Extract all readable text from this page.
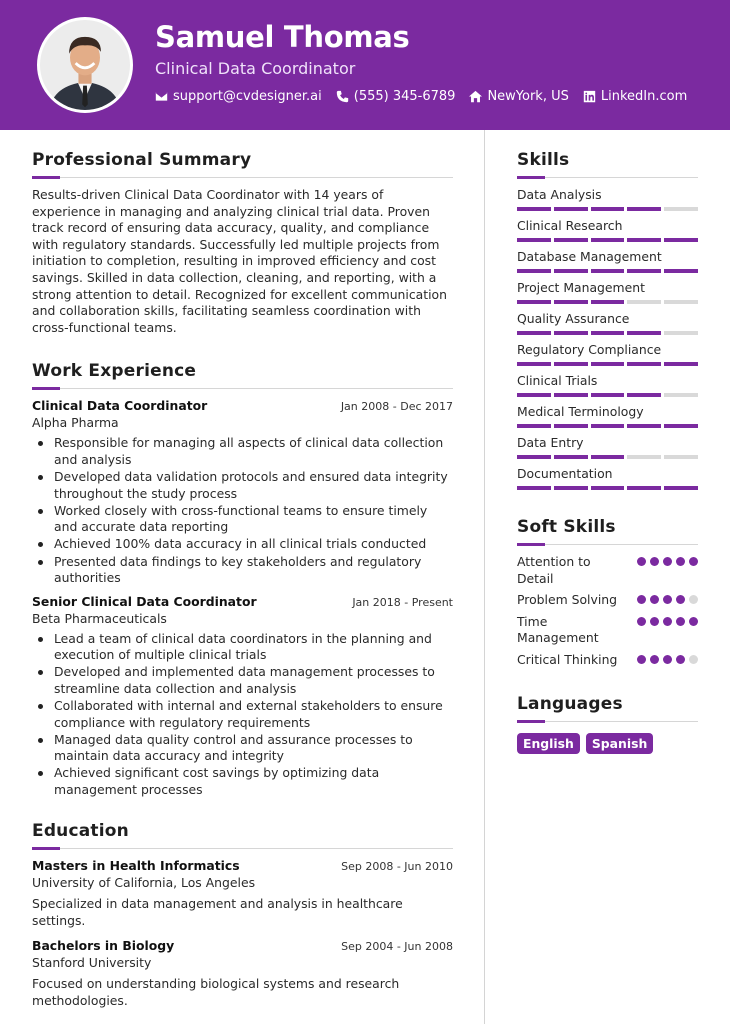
Samuel Thomas
Clinical Data Coordinator
support@cvdesigner.ai (555) 345-6789 NewYork, US LinkedIn.com
Professional Summary

Results-driven Clinical Data Coordinator with 14 years of experience in managing and analyzing clinical trial data. Proven track record of ensuring data accuracy, quality, and compliance with regulatory standards. Successfully led multiple projects from initiation to completion, resulting in improved efficiency and cost savings. Skilled in data collection, cleaning, and reporting, with a strong attention to detail. Recognized for excellent communication and collaboration skills, facilitating seamless coordination with cross-functional teams.

Work Experience
Clinical Data Coordinator	Jan 2008 - Dec 2017
Alpha Pharma
Responsible for managing all aspects of clinical data collection and analysis
Developed data validation protocols and ensured data integrity throughout the study process
Worked closely with cross-functional teams to ensure timely and accurate data reporting
Achieved 100% data accuracy in all clinical trials conducted
Presented data findings to key stakeholders and regulatory authorities
Senior Clinical Data Coordinator	Jan 2018 - Present
Beta Pharmaceuticals
Lead a team of clinical data coordinators in the planning and execution of multiple clinical trials
Developed and implemented data management processes to streamline data collection and analysis
Collaborated with internal and external stakeholders to ensure compliance with regulatory requirements
Managed data quality control and assurance processes to maintain data accuracy and integrity
Achieved significant cost savings by optimizing data management processes
Education
Masters in Health Informatics	Sep 2008 - Jun 2010
University of California, Los Angeles

Specialized in data management and analysis in healthcare settings.

Bachelors in Biology	Sep 2004 - Jun 2008
Stanford University

Focused on understanding biological systems and research methodologies.

Skills
Data Analysis
Clinical Research
Database Management
Project Management
Quality Assurance
Regulatory Compliance
Clinical Trials
Medical Terminology
Data Entry
Documentation
Soft Skills
Attention to Detail
Problem Solving
Time Management
Critical Thinking
Languages
English	Spanish
